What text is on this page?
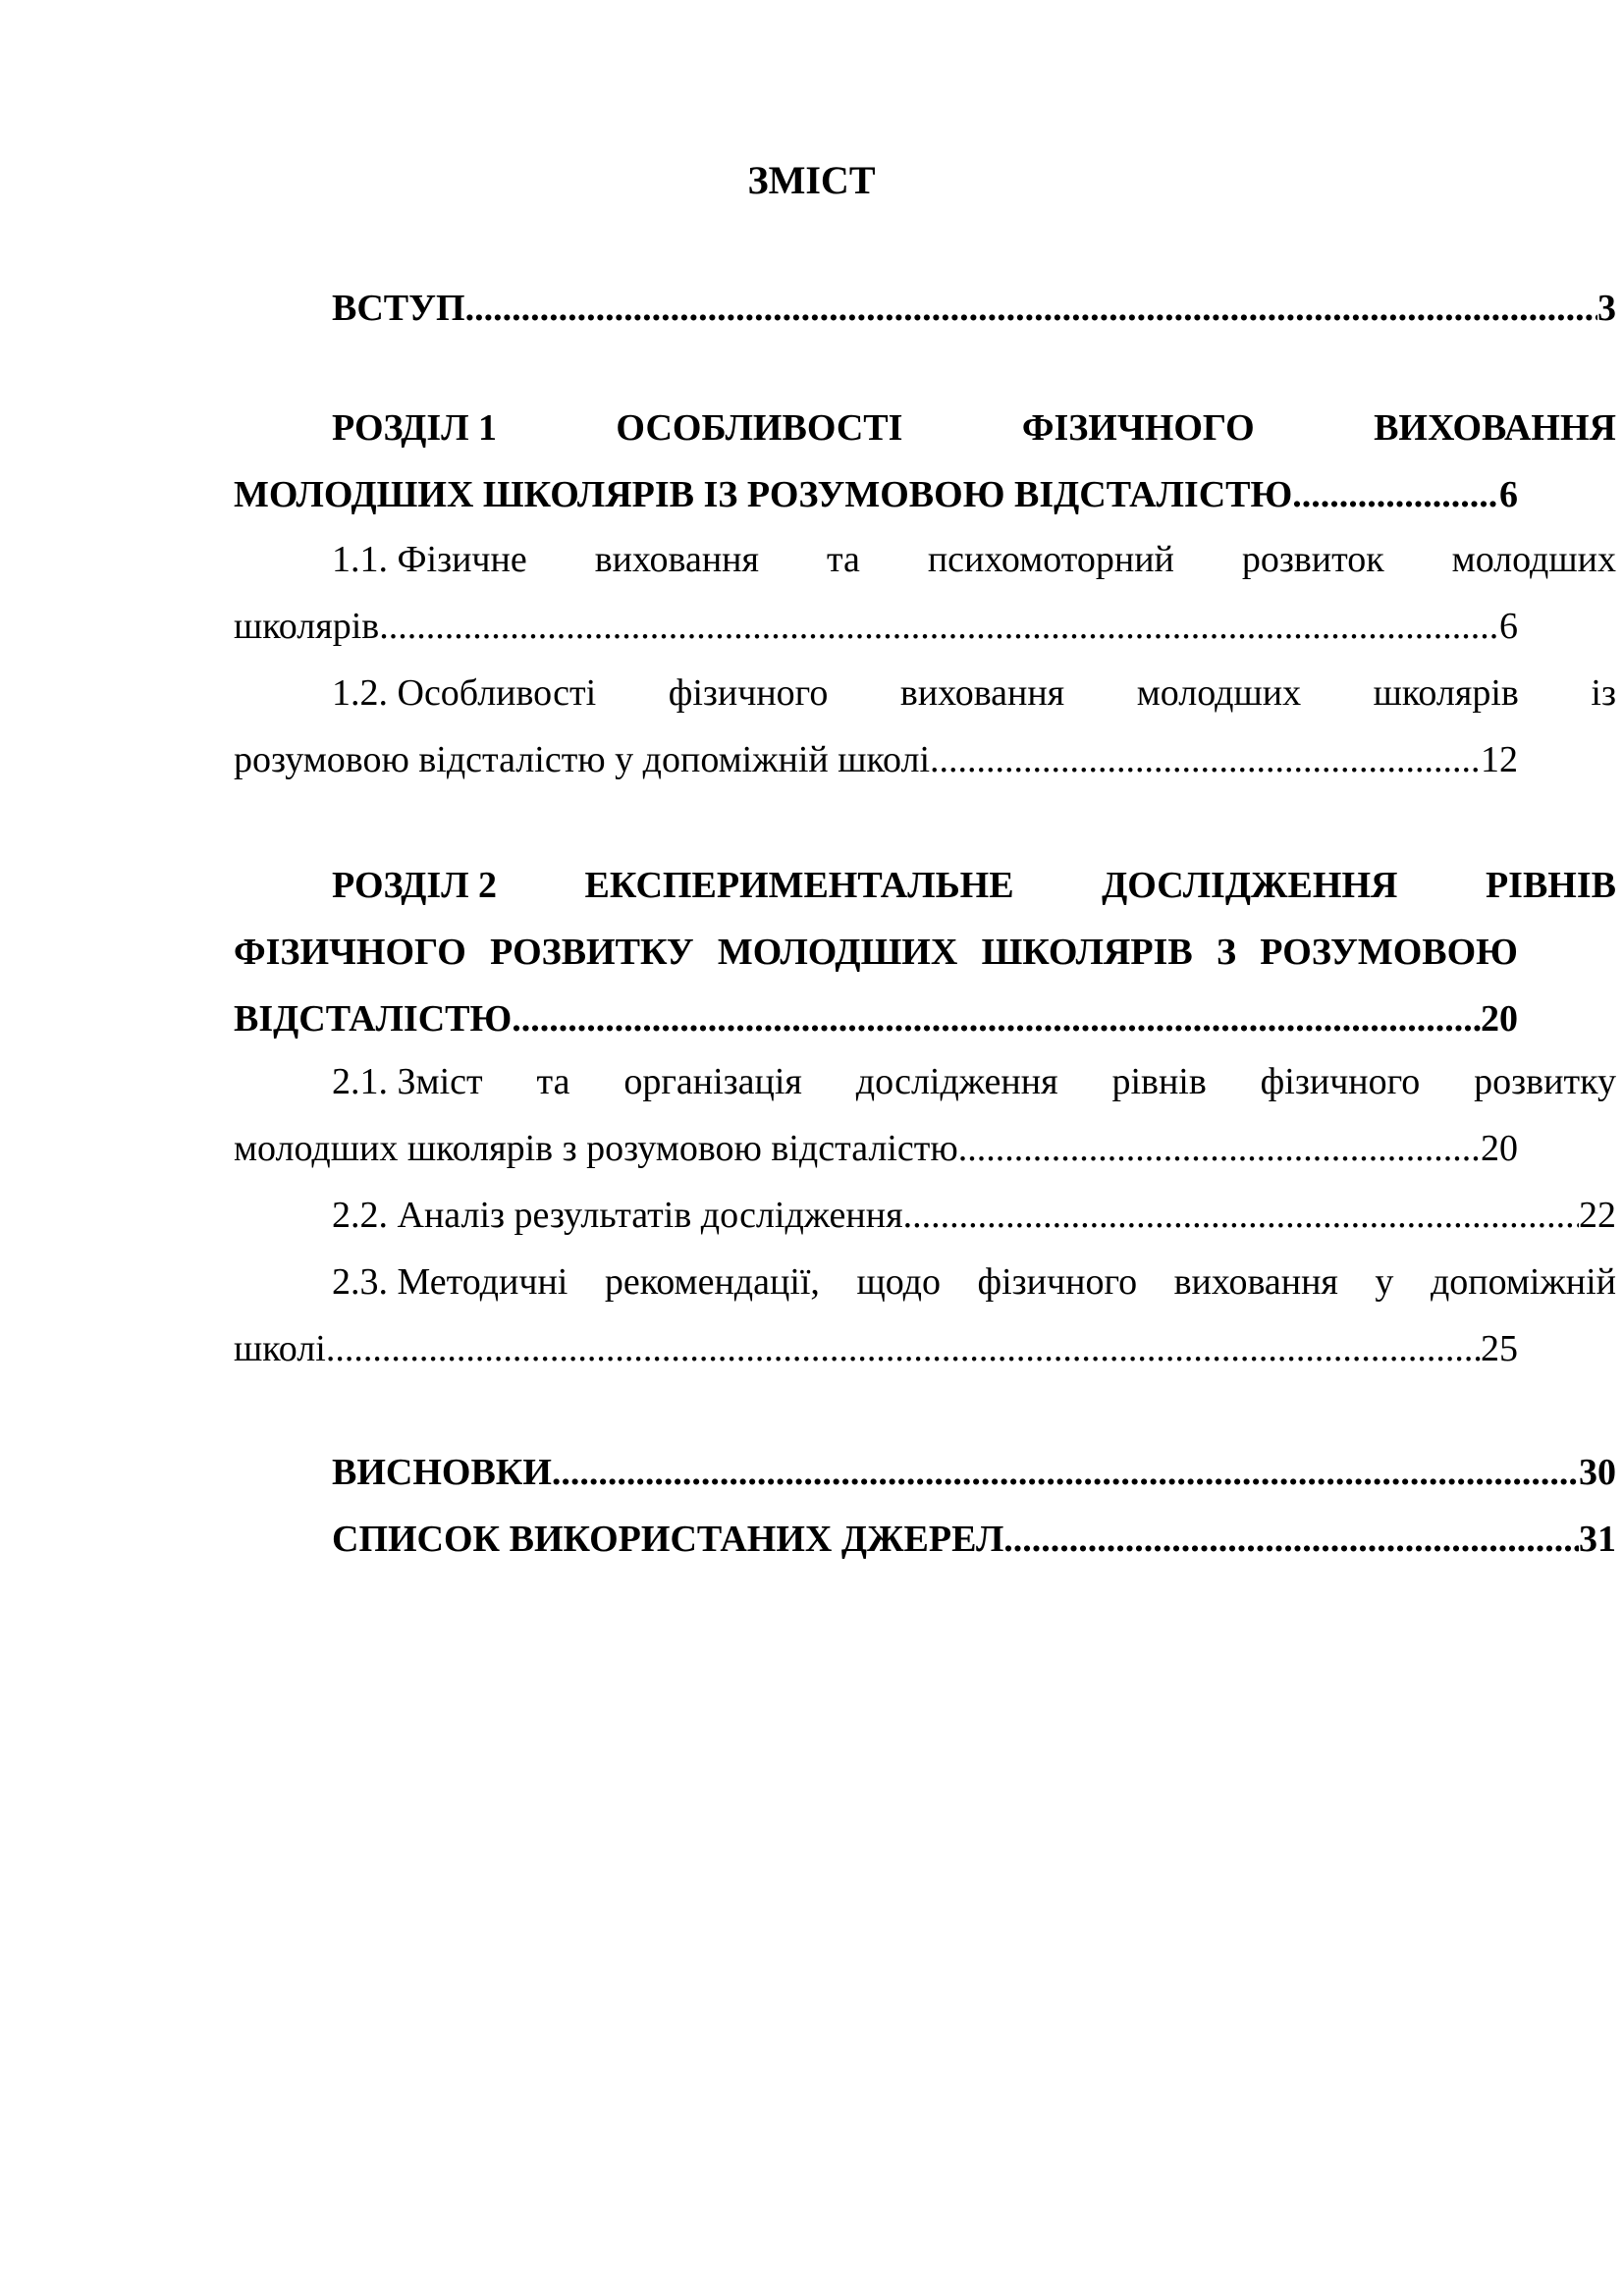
ЗМІСТ
ВСТУП .....	3
РОЗДІЛ 1	ОСОБЛИВОСТІ	ФІЗИЧНОГО	ВИХОВАННЯ
МОЛОДШИХ ШКОЛЯРІВ ІЗ РОЗУМОВОЮ ВІДСТАЛІСТЮ .....	6
1.1. Фізичне виховання та психомоторний розвиток молодших
школярів .....	6
1.2. Особливості фізичного виховання молодших школярів із
розумовою відсталістю у допоміжній школі .....	12
РОЗДІЛ 2 ЕКСПЕРИМЕНТАЛЬНЕ ДОСЛІДЖЕННЯ РІВНІВ
ФІЗИЧНОГО РОЗВИТКУ МОЛОДШИХ ШКОЛЯРІВ З РОЗУМОВОЮ
ВІДСТАЛІСТЮ .....	20
2.1. Зміст та організація дослідження рівнів фізичного розвитку
молодших школярів з розумовою відсталістю .....	20
2.2. Аналіз результатів дослідження .....	22
2.3. Методичні рекомендації, щодо фізичного виховання у допоміжній
школі .....	25
ВИСНОВКИ .....	30
СПИСОК ВИКОРИСТАНИХ ДЖЕРЕЛ .....	31
